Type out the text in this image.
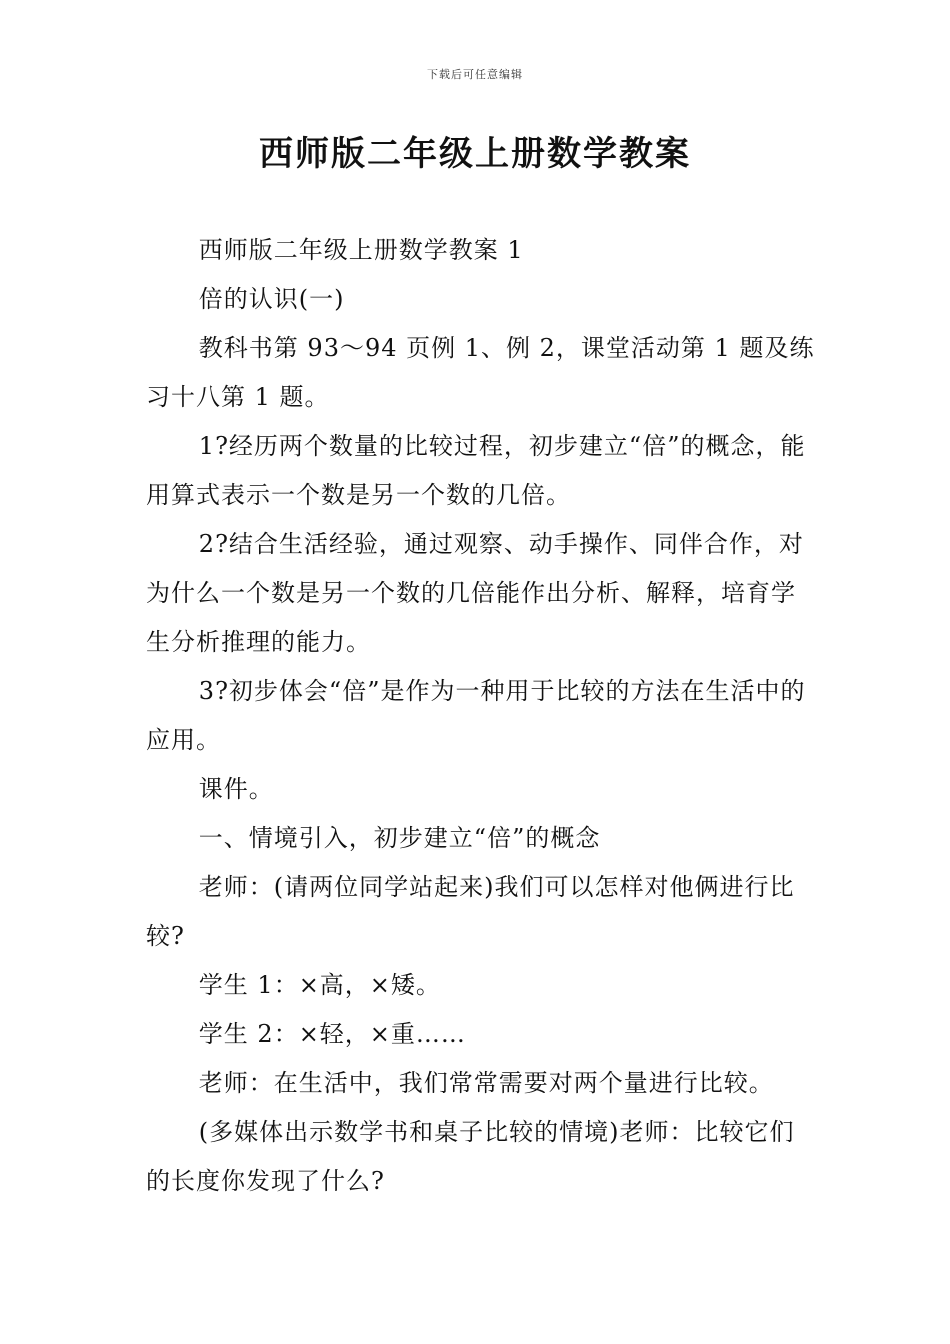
下载后可任意编辑
西师版二年级上册数学教案

西师版二年级上册数学教案 1

倍的认识(一)

教科书第 93～94 页例 1、例 2，课堂活动第 1 题及练习十八第 1 题。

1?经历两个数量的比较过程，初步建立“倍”的概念，能用算式表示一个数是另一个数的几倍。

2?结合生活经验，通过观察、动手操作、同伴合作，对为什么一个数是另一个数的几倍能作出分析、解释，培育学生分析推理的能力。

3?初步体会“倍”是作为一种用于比较的方法在生活中的应用。

课件。

一、情境引入，初步建立“倍”的概念

老师：(请两位同学站起来)我们可以怎样对他俩进行比较?

学生 1：×高，×矮。

学生 2：×轻，×重……

老师：在生活中，我们常常需要对两个量进行比较。

(多媒体出示数学书和桌子比较的情境)老师：比较它们的长度你发现了什么?
